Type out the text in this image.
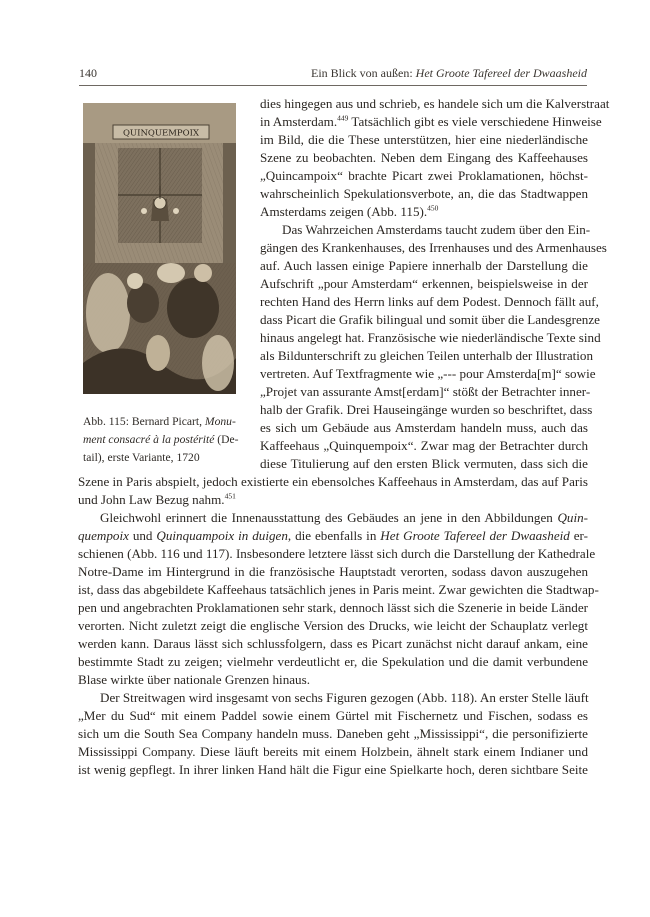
140	Ein Blick von außen: Het Groote Tafereel der Dwaasheid
QUINQUEMPOIX
Abb. 115: Bernard Picart, Monu-
ment consacré à la postérité (De-
tail), erste Variante, 1720
dies hingegen aus und schrieb, es handele sich um die Kalverstraat
in Amsterdam.$^{449}$ Tatsächlich gibt es viele verschiedene Hinweise
im Bild, die die These unterstützen, hier eine niederländische
Szene zu beobachten. Neben dem Eingang des Kaffeehauses
„Quincampoix“ brachte Picart zwei Proklamationen, höchst-
wahrscheinlich Spekulationsverbote, an, die das Stadtwappen
Amsterdams zeigen (Abb. 115).$^{450}$
Das Wahrzeichen Amsterdams taucht zudem über den Ein-
gängen des Krankenhauses, des Irrenhauses und des Armenhauses
auf. Auch lassen einige Papiere innerhalb der Darstellung die
Aufschrift „pour Amsterdam“ erkennen, beispielsweise in der
rechten Hand des Herrn links auf dem Podest. Dennoch fällt auf,
dass Picart die Grafik bilingual und somit über die Landesgrenze
hinaus angelegt hat. Französische wie niederländische Texte sind
als Bildunterschrift zu gleichen Teilen unterhalb der Illustration
vertreten. Auf Textfragmente wie „--- pour Amsterda[m]“ sowie
„Projet van assurante Amst[erdam]“ stößt der Betrachter inner-
halb der Grafik. Drei Hauseingänge wurden so beschriftet, dass
es sich um Gebäude aus Amsterdam handeln muss, auch das
Kaffeehaus „Quinquempoix“. Zwar mag der Betrachter durch
diese Titulierung auf den ersten Blick vermuten, dass sich die
Szene in Paris abspielt, jedoch existierte ein ebensolches Kaffeehaus in Amsterdam, das auf Paris
und John Law Bezug nahm.$^{451}$
Gleichwohl erinnert die Innenausstattung des Gebäudes an jene in den Abbildungen Quin-
quempoix und Quinquampoix in duigen, die ebenfalls in Het Groote Tafereel der Dwaasheid er-
schienen (Abb. 116 und 117). Insbesondere letztere lässt sich durch die Darstellung der Kathedrale
Notre-Dame im Hintergrund in die französische Hauptstadt verorten, sodass davon auszugehen
ist, dass das abgebildete Kaffeehaus tatsächlich jenes in Paris meint. Zwar gewichten die Stadtwap-
pen und angebrachten Proklamationen sehr stark, dennoch lässt sich die Szenerie in beide Länder
verorten. Nicht zuletzt zeigt die englische Version des Drucks, wie leicht der Schauplatz verlegt
werden kann. Daraus lässt sich schlussfolgern, dass es Picart zunächst nicht darauf ankam, eine
bestimmte Stadt zu zeigen; vielmehr verdeutlicht er, die Spekulation und die damit verbundene
Blase wirkte über nationale Grenzen hinaus.
Der Streitwagen wird insgesamt von sechs Figuren gezogen (Abb. 118). An erster Stelle läuft
„Mer du Sud“ mit einem Paddel sowie einem Gürtel mit Fischernetz und Fischen, sodass es
sich um die South Sea Company handeln muss. Daneben geht „Mississippi“, die personifizierte
Mississippi Company. Diese läuft bereits mit einem Holzbein, ähnelt stark einem Indianer und
ist wenig gepflegt. In ihrer linken Hand hält die Figur eine Spielkarte hoch, deren sichtbare Seite
